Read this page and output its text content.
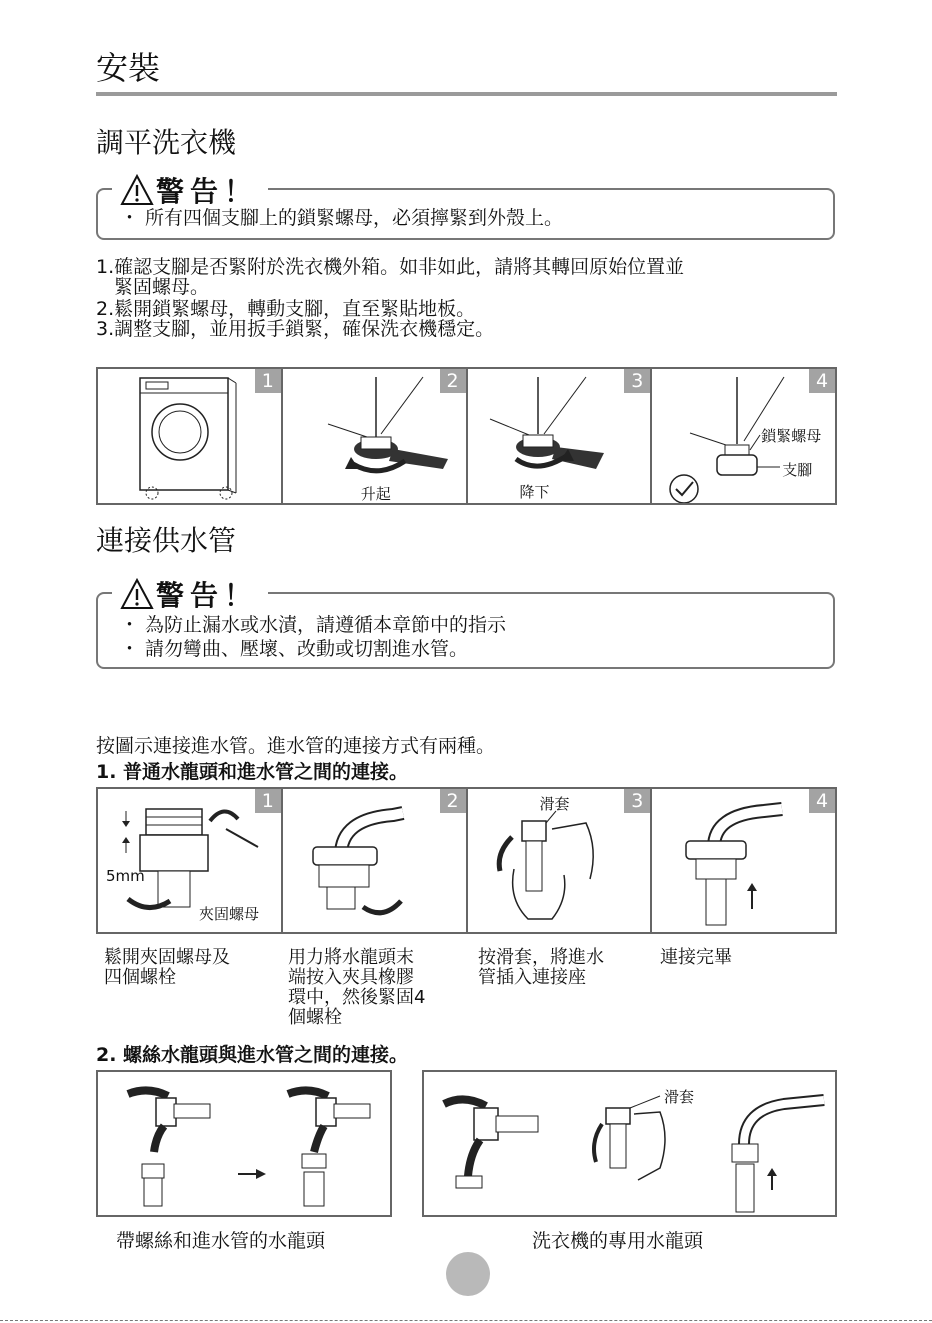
安裝
調平洗衣機
警告！
・ 所有四個支腳上的鎖緊螺母，必須擰緊到外殼上。
1.確認支腳是否緊附於洗衣機外箱。如非如此，請將其轉回原始位置並
緊固螺母。
2.鬆開鎖緊螺母，轉動支腳，直至緊貼地板。
3.調整支腳，並用扳手鎖緊，確保洗衣機穩定。
1	2
升起
3
降下
4
鎖緊螺母
支腳
連接供水管
警告！
・ 為防止漏水或水漬，請遵循本章節中的指示
・ 請勿彎曲、壓壞、改動或切割進水管。
按圖示連接進水管。進水管的連接方式有兩種。
1. 普通水龍頭和進水管之間的連接。
1
5mm
夾固螺母
2	3
滑套	4
鬆開夾固螺母及
四個螺栓
用力將水龍頭末
端按入夾具橡膠
環中，然後緊固4
個螺栓
按滑套，將進水
管插入連接座
連接完畢
2. 螺絲水龍頭與進水管之間的連接。
滑套
帶螺絲和進水管的水龍頭	洗衣機的專用水龍頭
